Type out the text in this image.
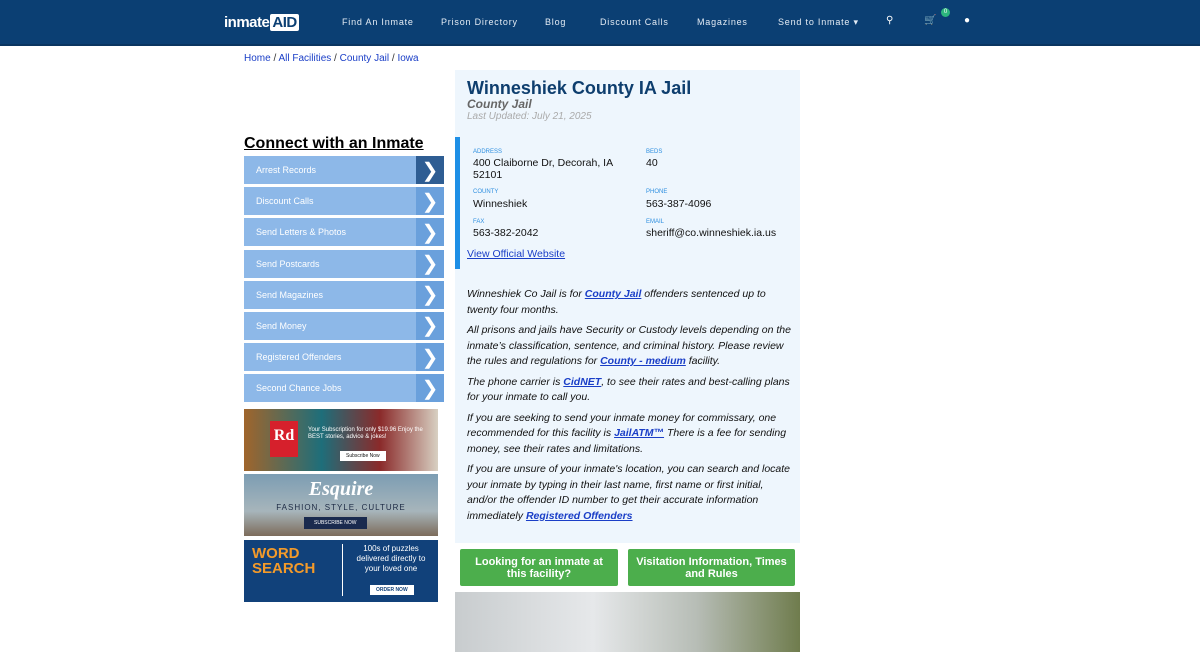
inmate AID	Find An Inmate	Prison Directory	Blog	Discount Calls	Magazines	Send to Inmate ▾	⚲	🛒
0
●
Home / All Facilities / County Jail / Iowa
Connect with an Inmate
Arrest Records	❯
Discount Calls	❯
Send Letters & Photos	❯
Send Postcards	❯
Send Magazines	❯
Send Money	❯
Registered Offenders	❯
Second Chance Jobs	❯
Rd	Your Subscription for only $19.96 Enjoy the BEST stories, advice & jokes!
Subscribe Now
Esquire
FASHION, STYLE, CULTURE
SUBSCRIBE NOW
WORD SEARCH
100s of puzzles delivered directly to your loved one
ORDER NOW
Winneshiek County IA Jail
County Jail
Last Updated: July 21, 2025
ADDRESS
400 Claiborne Dr, Decorah, IA 52101
BEDS
40
COUNTY
Winneshiek
PHONE
563-387-4096
FAX
563-382-2042
EMAIL
sheriff@co.winneshiek.ia.us
View Official Website

Winneshiek Co Jail is for County Jail offenders sentenced up to twenty four months.

All prisons and jails have Security or Custody levels depending on the inmate’s classification, sentence, and criminal history. Please review the rules and regulations for County - medium facility.

The phone carrier is CidNET, to see their rates and best-calling plans for your inmate to call you.

If you are seeking to send your inmate money for commissary, one recommended for this facility is JailATM™ There is a fee for sending money, see their rates and limitations.

If you are unsure of your inmate's location, you can search and locate your inmate by typing in their last name, first name or first initial, and/or the offender ID number to get their accurate information immediately Registered Offenders

Looking for an inmate at this facility?
Visitation Information, Times and Rules
